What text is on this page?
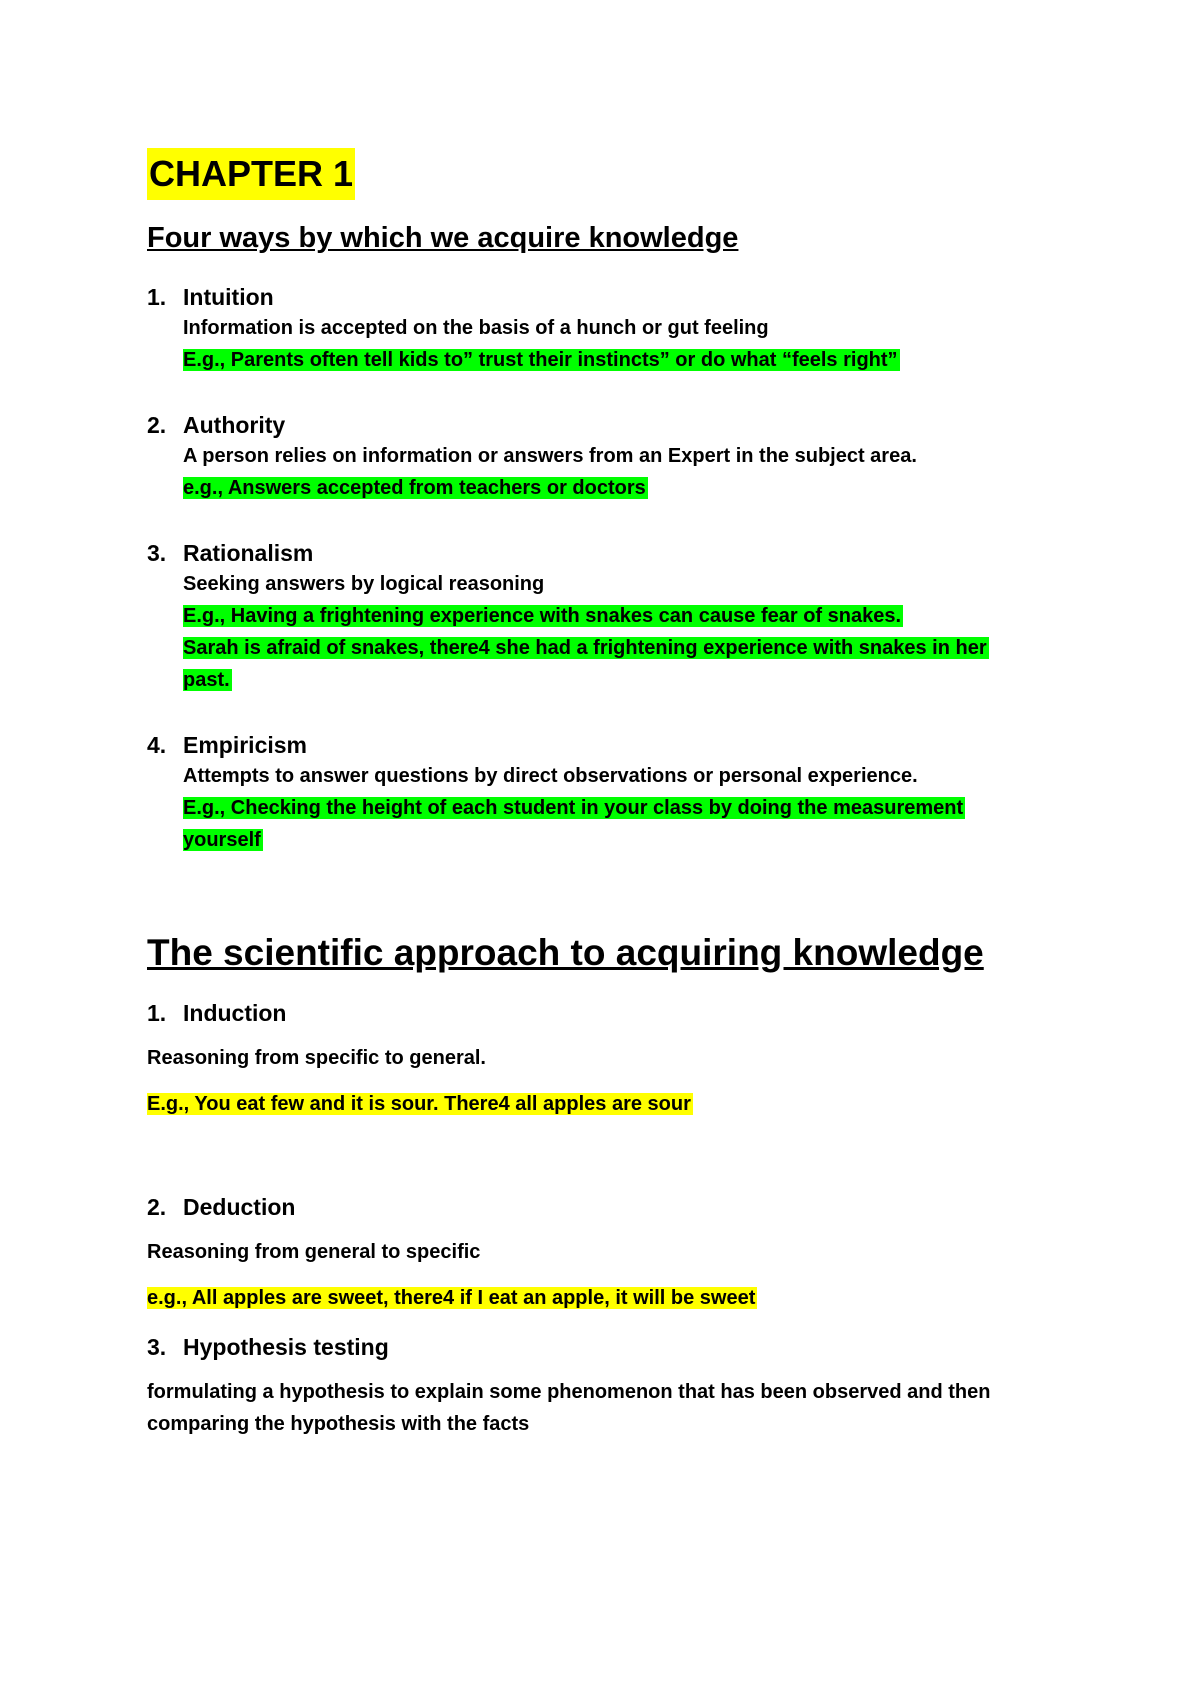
CHAPTER 1
Four ways by which we acquire knowledge
1. Intuition
Information is accepted on the basis of a hunch or gut feeling
E.g., Parents often tell kids to” trust their instincts” or do what “feels right”
2. Authority
A person relies on information or answers from an Expert in the subject area.
e.g., Answers accepted from teachers or doctors
3. Rationalism
Seeking answers by logical reasoning
E.g., Having a frightening experience with snakes can cause fear of snakes.
Sarah is afraid of snakes, there4 she had a frightening experience with snakes in her
past.
4. Empiricism
Attempts to answer questions by direct observations or personal experience.
E.g., Checking the height of each student in your class by doing the measurement
yourself
The scientific approach to acquiring knowledge
1. Induction
Reasoning from specific to general.
E.g., You eat few and it is sour. There4 all apples are sour
2. Deduction
Reasoning from general to specific
e.g., All apples are sweet, there4 if I eat an apple, it will be sweet
3. Hypothesis testing
formulating a hypothesis to explain some phenomenon that has been observed and then
comparing the hypothesis with the facts
